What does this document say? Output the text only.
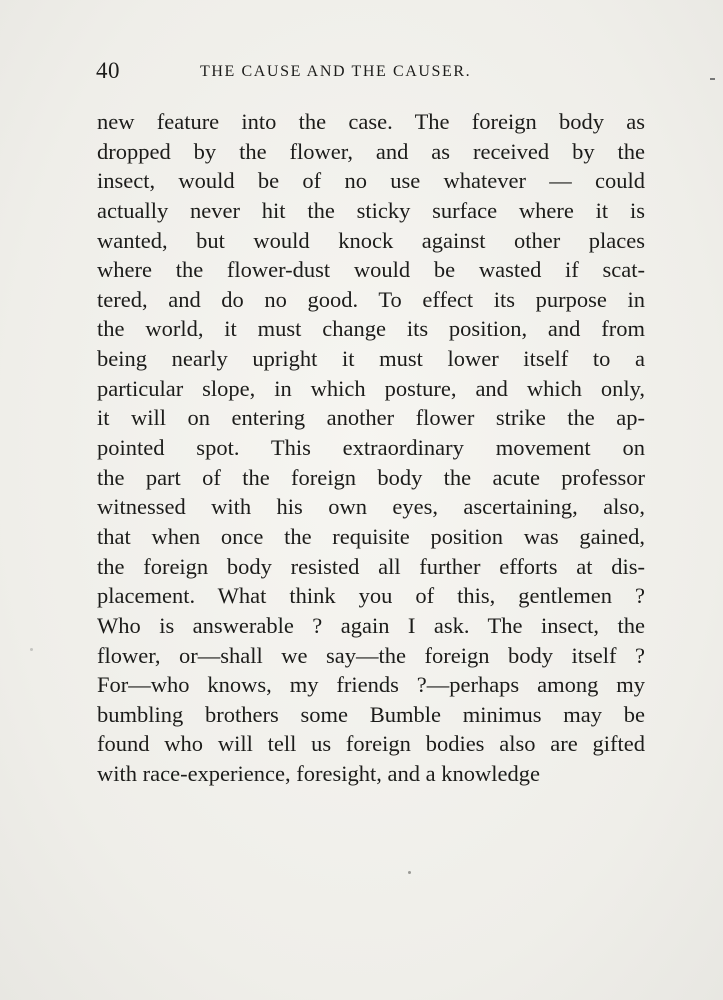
40	THE CAUSE AND THE CAUSER.
new feature into the case. The foreign body as
dropped by the flower, and as received by the
insect, would be of no use whatever — could
actually never hit the sticky surface where it is
wanted, but would knock against other places
where the flower-dust would be wasted if scat-
tered, and do no good. To effect its purpose in
the world, it must change its position, and from
being nearly upright it must lower itself to a
particular slope, in which posture, and which only,
it will on entering another flower strike the ap-
pointed spot. This extraordinary movement on
the part of the foreign body the acute professor
witnessed with his own eyes, ascertaining, also,
that when once the requisite position was gained,
the foreign body resisted all further efforts at dis-
placement. What think you of this, gentlemen ?
Who is answerable ? again I ask. The insect, the
flower, or—shall we say—the foreign body itself ?
For—who knows, my friends ?—perhaps among my
bumbling brothers some Bumble minimus may be
found who will tell us foreign bodies also are gifted
with race-experience, foresight, and a knowledge
